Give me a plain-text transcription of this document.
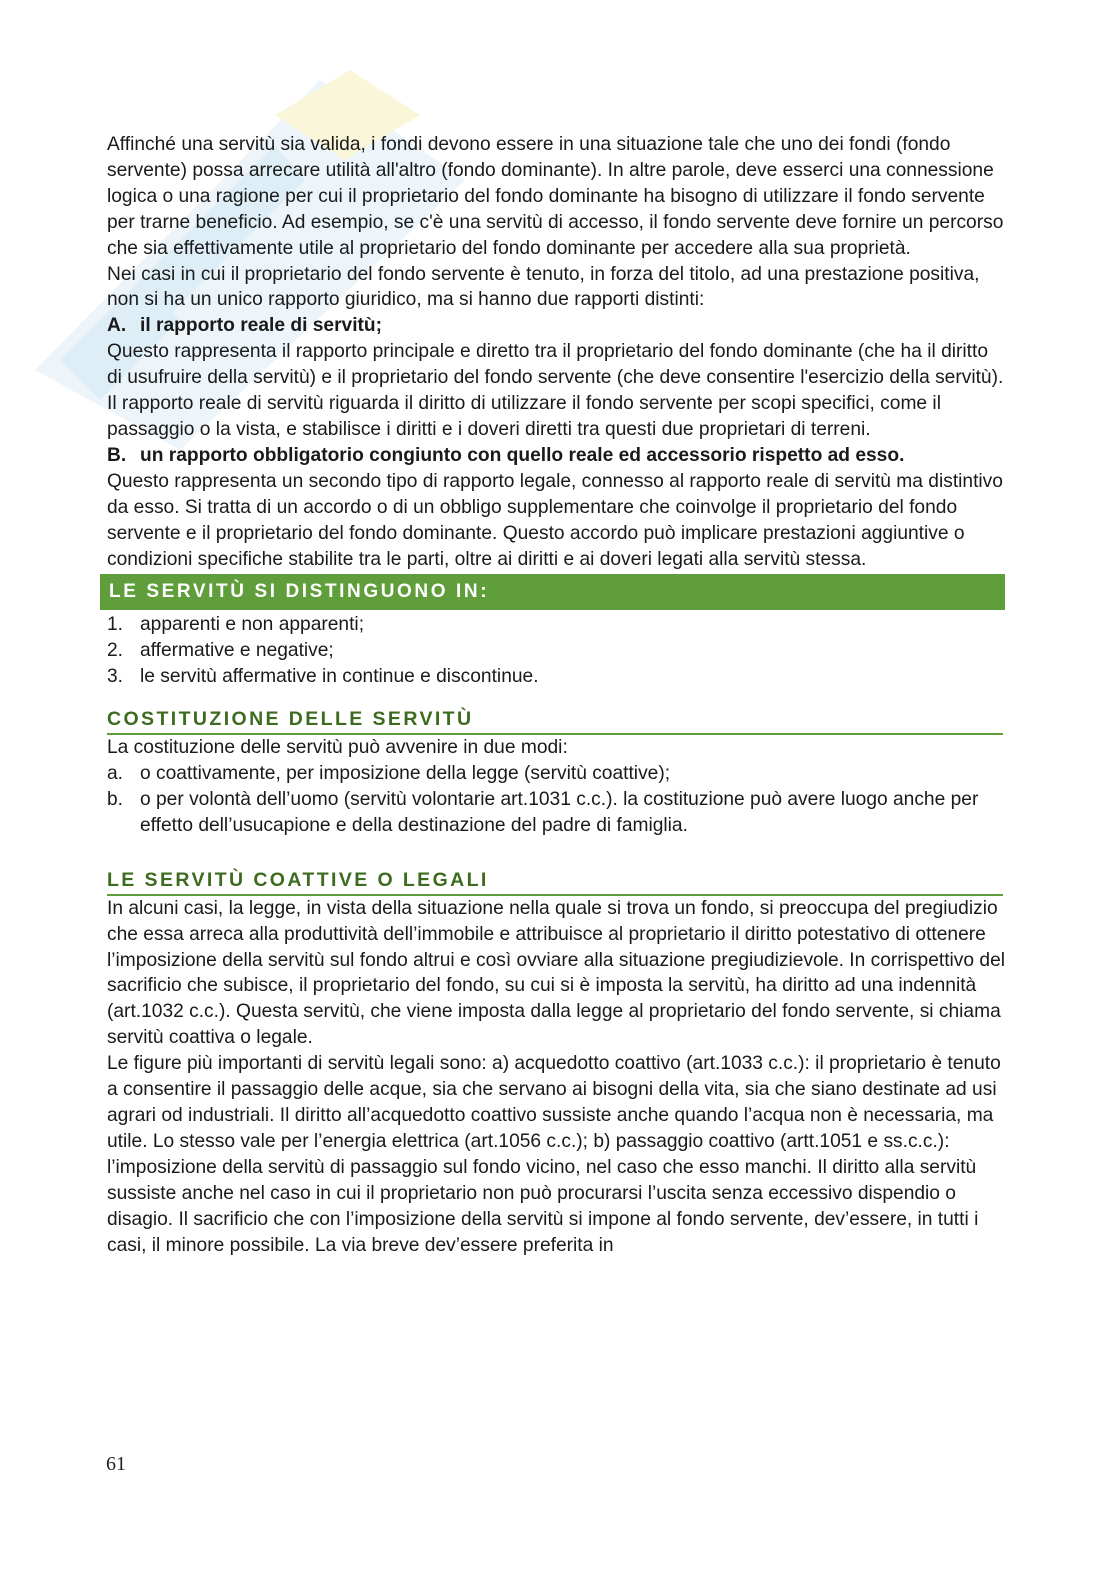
Affinché una servitù sia valida, i fondi devono essere in una situazione tale che uno dei fondi (fondo servente) possa arrecare utilità all'altro (fondo dominante). In altre parole, deve esserci una connessione logica o una ragione per cui il proprietario del fondo dominante ha bisogno di utilizzare il fondo servente per trarne beneficio. Ad esempio, se c'è una servitù di accesso, il fondo servente deve fornire un percorso che sia effettivamente utile al proprietario del fondo dominante per accedere alla sua proprietà.

Nei casi in cui il proprietario del fondo servente è tenuto, in forza del titolo, ad una prestazione positiva, non si ha un unico rapporto giuridico, ma si hanno due rapporti distinti:

A. il rapporto reale di servitù;

Questo rappresenta il rapporto principale e diretto tra il proprietario del fondo dominante (che ha il diritto di usufruire della servitù) e il proprietario del fondo servente (che deve consentire l'esercizio della servitù). Il rapporto reale di servitù riguarda il diritto di utilizzare il fondo servente per scopi specifici, come il passaggio o la vista, e stabilisce i diritti e i doveri diretti tra questi due proprietari di terreni.

B. un rapporto obbligatorio congiunto con quello reale ed accessorio rispetto ad esso.

Questo rappresenta un secondo tipo di rapporto legale, connesso al rapporto reale di servitù ma distintivo da esso. Si tratta di un accordo o di un obbligo supplementare che coinvolge il proprietario del fondo servente e il proprietario del fondo dominante. Questo accordo può implicare prestazioni aggiuntive o condizioni specifiche stabilite tra le parti, oltre ai diritti e ai doveri legati alla servitù stessa.

LE SERVITÙ SI DISTINGUONO IN:
1. apparenti e non apparenti;
2. affermative e negative;
3. le servitù affermative in continue e discontinue.
COSTITUZIONE DELLE SERVITÙ

La costituzione delle servitù può avvenire in due modi:

a. o coattivamente, per imposizione della legge (servitù coattive);
b. o per volontà dell’uomo (servitù volontarie art.1031 c.c.). la costituzione può avere luogo anche per effetto dell’usucapione e della destinazione del padre di famiglia.
LE SERVITÙ COATTIVE O LEGALI

In alcuni casi, la legge, in vista della situazione nella quale si trova un fondo, si preoccupa del pregiudizio che essa arreca alla produttività dell’immobile e attribuisce al proprietario il diritto potestativo di ottenere l’imposizione della servitù sul fondo altrui e così ovviare alla situazione pregiudizievole. In corrispettivo del sacrificio che subisce, il proprietario del fondo, su cui si è imposta la servitù, ha diritto ad una indennità (art.1032 c.c.). Questa servitù, che viene imposta dalla legge al proprietario del fondo servente, si chiama servitù coattiva o legale.

Le figure più importanti di servitù legali sono: a) acquedotto coattivo (art.1033 c.c.): il proprietario è tenuto a consentire il passaggio delle acque, sia che servano ai bisogni della vita, sia che siano destinate ad usi agrari od industriali. Il diritto all’acquedotto coattivo sussiste anche quando l’acqua non è necessaria, ma utile. Lo stesso vale per l’energia elettrica (art.1056 c.c.); b) passaggio coattivo (artt.1051 e ss.c.c.): l’imposizione della servitù di passaggio sul fondo vicino, nel caso che esso manchi. Il diritto alla servitù sussiste anche nel caso in cui il proprietario non può procurarsi l’uscita senza eccessivo dispendio o disagio. Il sacrificio che con l’imposizione della servitù si impone al fondo servente, dev’essere, in tutti i casi, il minore possibile. La via breve dev’essere preferita in

61
